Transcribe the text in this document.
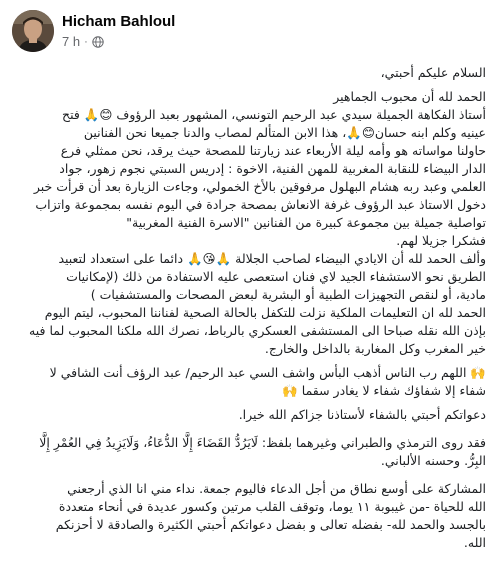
Hicham Bahloul
7 h ·
السلام عليكم أحبتي،
الحمد لله أن محبوب الجماهير
أستاذ الفكاهة الجميلة سيدي عبد الرحيم التونسي، المشهور بعبد الرؤوف 😊🙏 فتح
عينيه وكلم ابنه حسان😊🙏، هذا الابن المتألم لمصاب والدنا جميعا نحن الفنانين
حاولنا مواساته هو وأمه ليلة الأربعاء عند زيارتنا للمصحة حيث يرقد، نحن ممثلي فرع
الدار البيضاء للنقابة المغربية للمهن الفنية، الاخوة : إدريس السبتي نجوم زهور، جواد
العلمي وعبد ربه هشام البهلول مرفوقين بالأخ الخمولي، وجاءت الزيارة بعد أن قرأت خبر
دخول الاستاذ عبد الرؤوف غرفة الانعاش بمصحة جرادة في اليوم نفسه بمجموعة واتزاب
تواصلية جميلة بين مجموعة كبيرة من الفنانين "الاسرة الفنية المغربية"
فشكرا جزيلا لهم.
وألف الحمد لله أن الايادي البيضاء لصاحب الجلالة 🙏😘🙏 دائما على استعداد لتعبيد
الطريق نحو الاستشفاء الجيد لاي فنان استعصى عليه الاستفادة من ذلك (لإمكانيات
مادية، أو لنقص التجهيزات الطبية أو البشرية لبعض المصحات والمستشفيات )
الحمد لله ان التعليمات الملكية نزلت للتكفل بالحالة الصحية لفناننا المحبوب، ليتم اليوم
بإذن الله نقله صباحا الى المستشفى العسكري بالرباط، نصرك الله ملكنا المحبوب لما فيه
خير المغرب وكل المغاربة بالداخل والخارج.
🙌 اللهم رب الناس أذهب البأس واشف السي عبد الرحيم/ عبد الرؤف أنت الشافي لا
شفاء إلا شفاؤك شفاء لا يغادر سقما 🙌
دعواتكم أحبتي بالشفاء لأستاذنا جزاكم الله خيرا.
فقد روى الترمذي والطبراني وغيرهما بلفظ: لَايَرُدُّ القَضَاءَ إِلَّا الدُّعَاءُ، وَلَايَزِيدُ فِي العُمْرِ إِلَّا
البِرُّ. وحسنه الألباني.
المشاركة على أوسع نطاق من أجل الدعاء فاليوم جمعة. نداء مني انا الذي أرجعني
الله للحياة -من غيبوبة ١١ يوما، وتوقف القلب مرتين وكسور عديدة في أنحاء متعددة
بالجسد والحمد لله- بفضله تعالى و بفضل دعواتكم أحبتي الكثيرة والصادقة لا أحزنكم
الله.
